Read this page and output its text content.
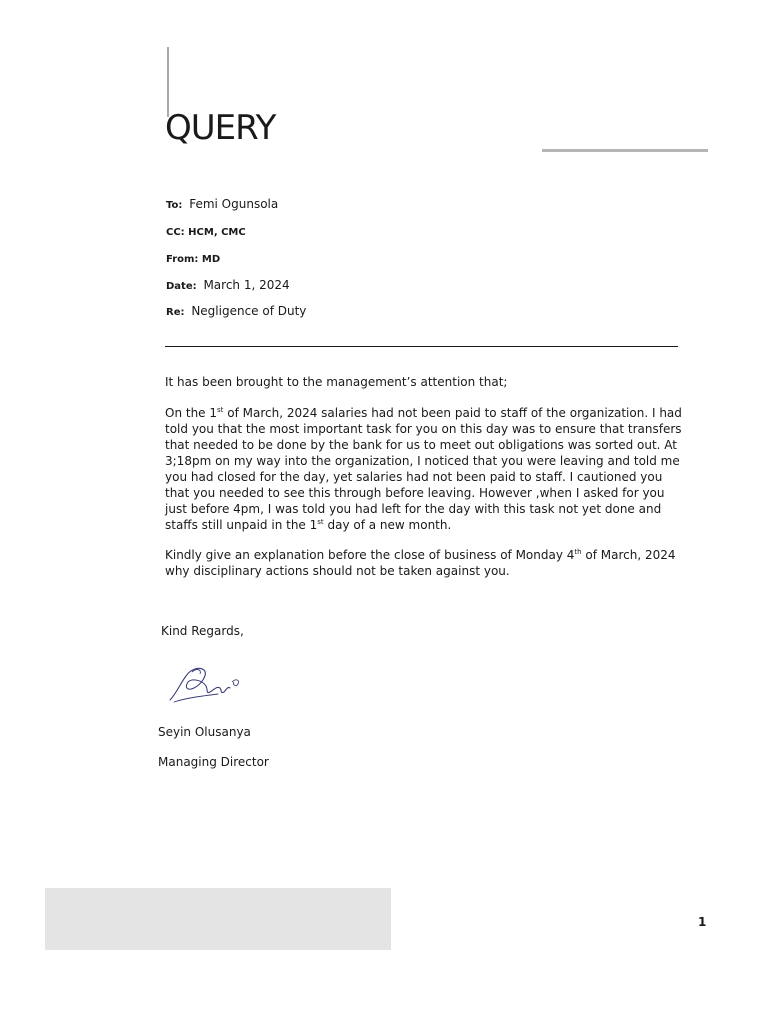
QUERY
To: Femi Ogunsola
CC: HCM, CMC
From: MD
Date: March 1, 2024
Re: Negligence of Duty

It has been brought to the management’s attention that;

On the 1st of March, 2024 salaries had not been paid to staff of the organization. I had told you that the most important task for you on this day was to ensure that transfers that needed to be done by the bank for us to meet out obligations was sorted out. At 3;18pm on my way into the organization, I noticed that you were leaving and told me you had closed for the day, yet salaries had not been paid to staff. I cautioned you that you needed to see this through before leaving. However ,when I asked for you just before 4pm, I was told you had left for the day with this task not yet done and staffs still unpaid in the 1st day of a new month.

Kindly give an explanation before the close of business of Monday 4th of March, 2024 why disciplinary actions should not be taken against you.

Kind Regards,
Seyin Olusanya
Managing Director
1
